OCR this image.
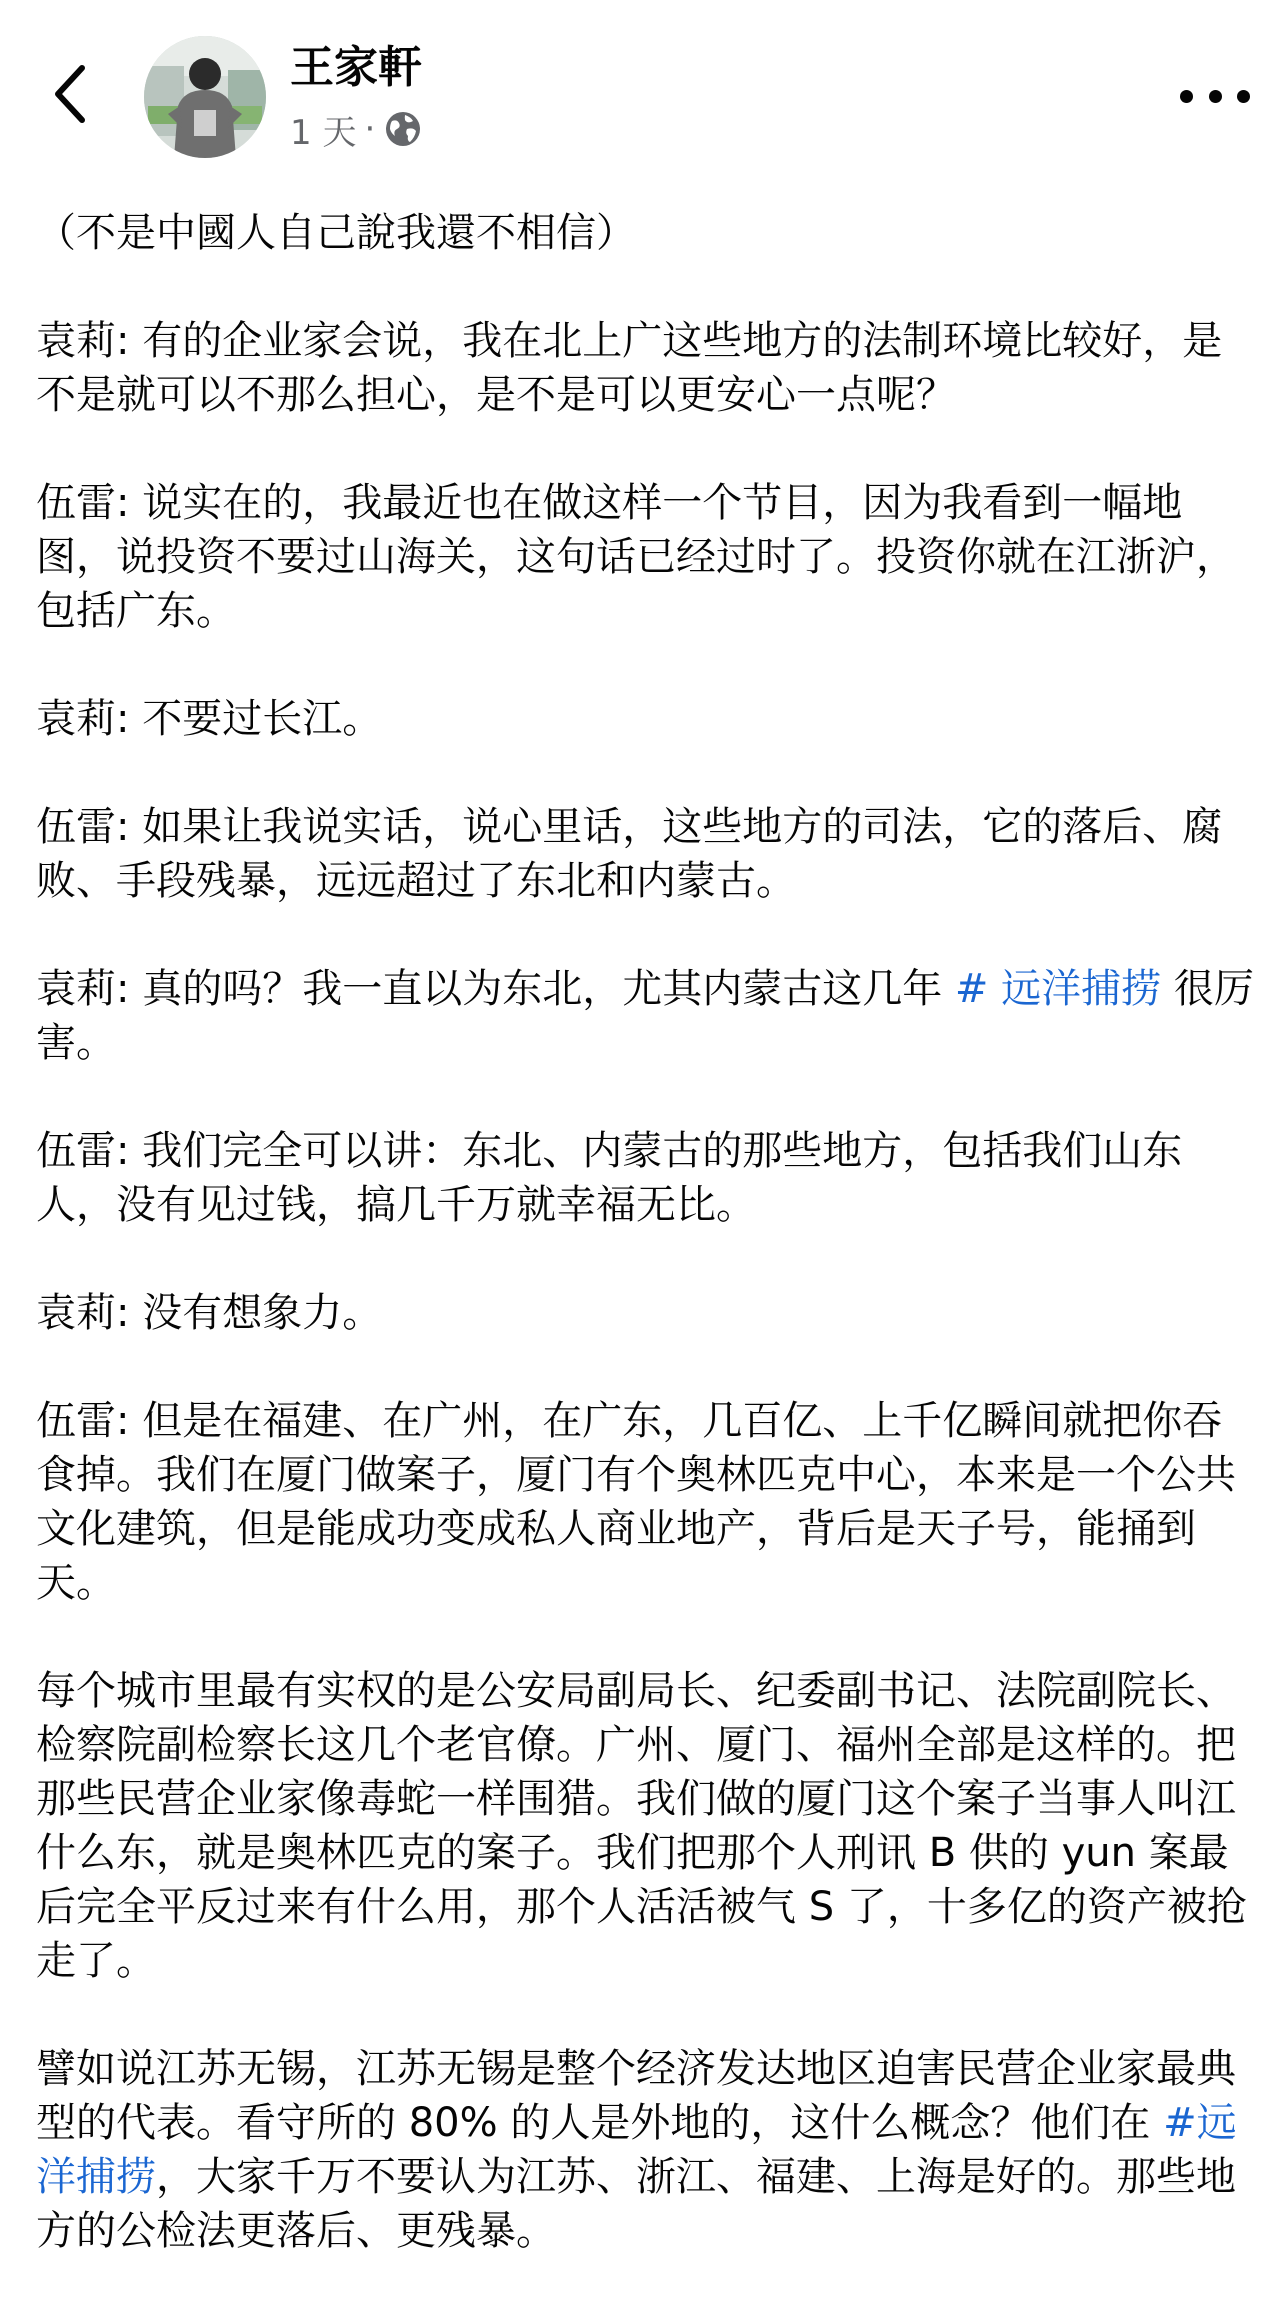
王家軒
1 天 ·

（不是中國人自己說我還不相信）

袁莉: 有的企业家会说，我在北上广这些地方的法制环境比较好，是不是就可以不那么担心，是不是可以更安心一点呢？

伍雷: 说实在的，我最近也在做这样一个节目，因为我看到一幅地图，说投资不要过山海关，这句话已经过时了。投资你就在江浙沪，包括广东。

袁莉: 不要过长江。

伍雷: 如果让我说实话，说心里话，这些地方的司法，它的落后、腐败、手段残暴，远远超过了东北和内蒙古。

袁莉: 真的吗？我一直以为东北，尤其内蒙古这几年 # 远洋捕捞 很厉害。

伍雷: 我们完全可以讲：东北、内蒙古的那些地方，包括我们山东人，没有见过钱，搞几千万就幸福无比。

袁莉: 没有想象力。

伍雷: 但是在福建、在广州，在广东，几百亿、上千亿瞬间就把你吞食掉。我们在厦门做案子，厦门有个奥林匹克中心，本来是一个公共文化建筑，但是能成功变成私人商业地产，背后是天子号，能捅到天。

每个城市里最有实权的是公安局副局长、纪委副书记、法院副院长、检察院副检察长这几个老官僚。广州、厦门、福州全部是这样的。把那些民营企业家像毒蛇一样围猎。我们做的厦门这个案子当事人叫江什么东，就是奥林匹克的案子。我们把那个人刑讯 B 供的 yun 案最后完全平反过来有什么用，那个人活活被气 S 了，十多亿的资产被抢走了。

譬如说江苏无锡，江苏无锡是整个经济发达地区迫害民营企业家最典型的代表。看守所的 80% 的人是外地的，这什么概念？他们在 #远洋捕捞，大家千万不要认为江苏、浙江、福建、上海是好的。那些地方的公检法更落后、更残暴。
